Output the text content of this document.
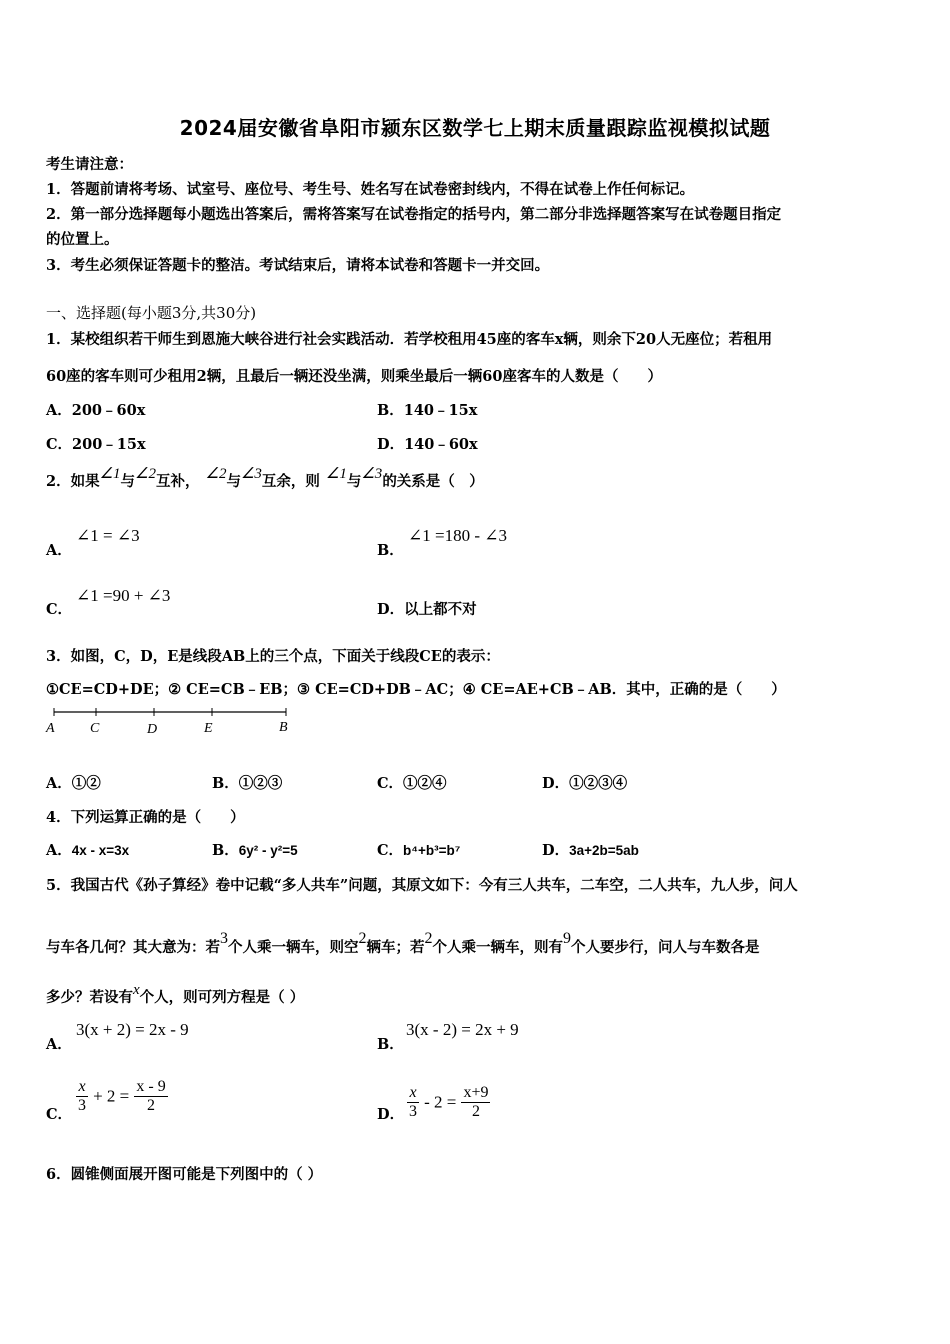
2024届安徽省阜阳市颍东区数学七上期末质量跟踪监视模拟试题
考生请注意：
1．答题前请将考场、试室号、座位号、考生号、姓名写在试卷密封线内，不得在试卷上作任何标记。
2．第一部分选择题每小题选出答案后，需将答案写在试卷指定的括号内，第二部分非选择题答案写在试卷题目指定
的位置上。
3．考生必须保证答题卡的整洁。考试结束后，请将本试卷和答题卡一并交回。
一、选择题(每小题3分,共30分)
1．某校组织若干师生到恩施大峡谷进行社会实践活动．若学校租用45座的客车x辆，则余下20人无座位；若租用
60座的客车则可少租用2辆，且最后一辆还没坐满，则乘坐最后一辆60座客车的人数是（　　）
A．200﹣60x	B．140﹣15x
C．200﹣15x	D．140﹣60x
2．如果∠1与∠2互补， ∠2与∠3互余，则 ∠1与∠3的关系是（　）
A．
∠1 = ∠3
B．
∠1 =180 - ∠3
C．
∠1 =90 + ∠3
D．以上都不对
3．如图，C，D，E是线段AB上的三个点，下面关于线段CE的表示：
①CE=CD+DE；② CE=CB﹣EB；③ CE=CD+DB﹣AC；④ CE=AE+CB﹣AB．其中，正确的是（　　）
A	C	D	E	B
A．①②	B．①②③	C．①②④	D．①②③④
4．下列运算正确的是（　　）
A．4x - x=3x	B．6y² - y²=5	C．b⁴+b³=b⁷	D．3a+2b=5ab
5．我国古代《孙子算经》卷中记载“多人共车”问题，其原文如下：今有三人共车，二车空，二人共车，九人步，问人
与车各几何？其大意为：若3个人乘一辆车，则空2辆车；若2个人乘一辆车，则有9个人要步行，问人与车数各是
多少？若设有x个人，则可列方程是（ ）
A．
3(x + 2) = 2x - 9
B．
3(x - 2) = 2x + 9
C． $\frac{x}{3} + 2 = \frac{x - 9}{2}$	D． $\frac{x}{3} - 2 = \frac{x+9}{2}$
6．圆锥侧面展开图可能是下列图中的（ ）
